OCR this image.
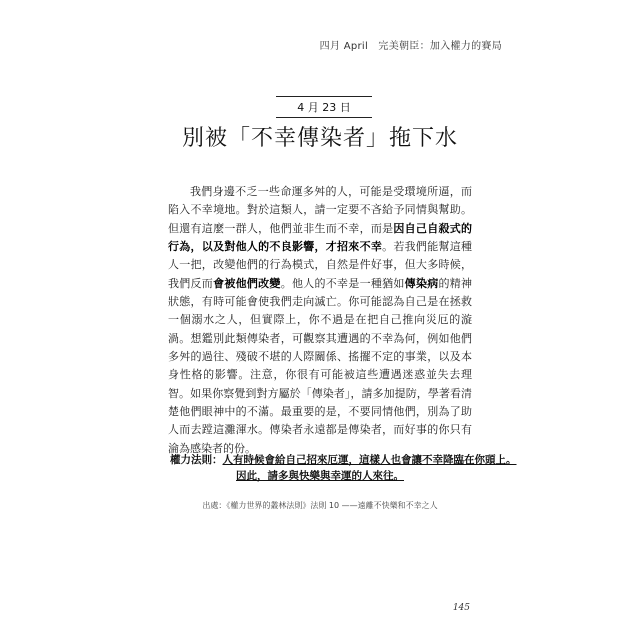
四月 April　完美朝臣：加入權力的賽局
4 月 23 日
別被「不幸傳染者」拖下水

我們身邊不乏一些命運多舛的人，可能是受環境所逼，而陷入不幸境地。對於這類人，請一定要不吝給予同情與幫助。但還有這麼一群人，他們並非生而不幸，而是因自己自殺式的行為，以及對他人的不良影響，才招來不幸。若我們能幫這種人一把，改變他們的行為模式，自然是件好事，但大多時候，我們反而會被他們改變。他人的不幸是一種猶如傳染病的精神狀態，有時可能會使我們走向滅亡。你可能認為自己是在拯救一個溺水之人，但實際上，你不過是在把自己推向災厄的漩渦。想鑑別此類傳染者，可觀察其遭遇的不幸為何，例如他們多舛的過往、殘破不堪的人際關係、搖擺不定的事業，以及本身性格的影響。注意，你很有可能被這些遭遇迷惑並失去理智。如果你察覺到對方屬於「傳染者」，請多加提防，學著看清楚他們眼神中的不滿。最重要的是，不要同情他們，別為了助人而去蹚這灘渾水。傳染者永遠都是傳染者，而好事的你只有淪為感染者的份。

權力法則：人有時候會給自己招來厄運，這樣人也會讓不幸降臨在你頭上。
因此，請多與快樂與幸運的人來往。
出處：《權力世界的叢林法則》法則 10 ——遠離不快樂和不幸之人
145
